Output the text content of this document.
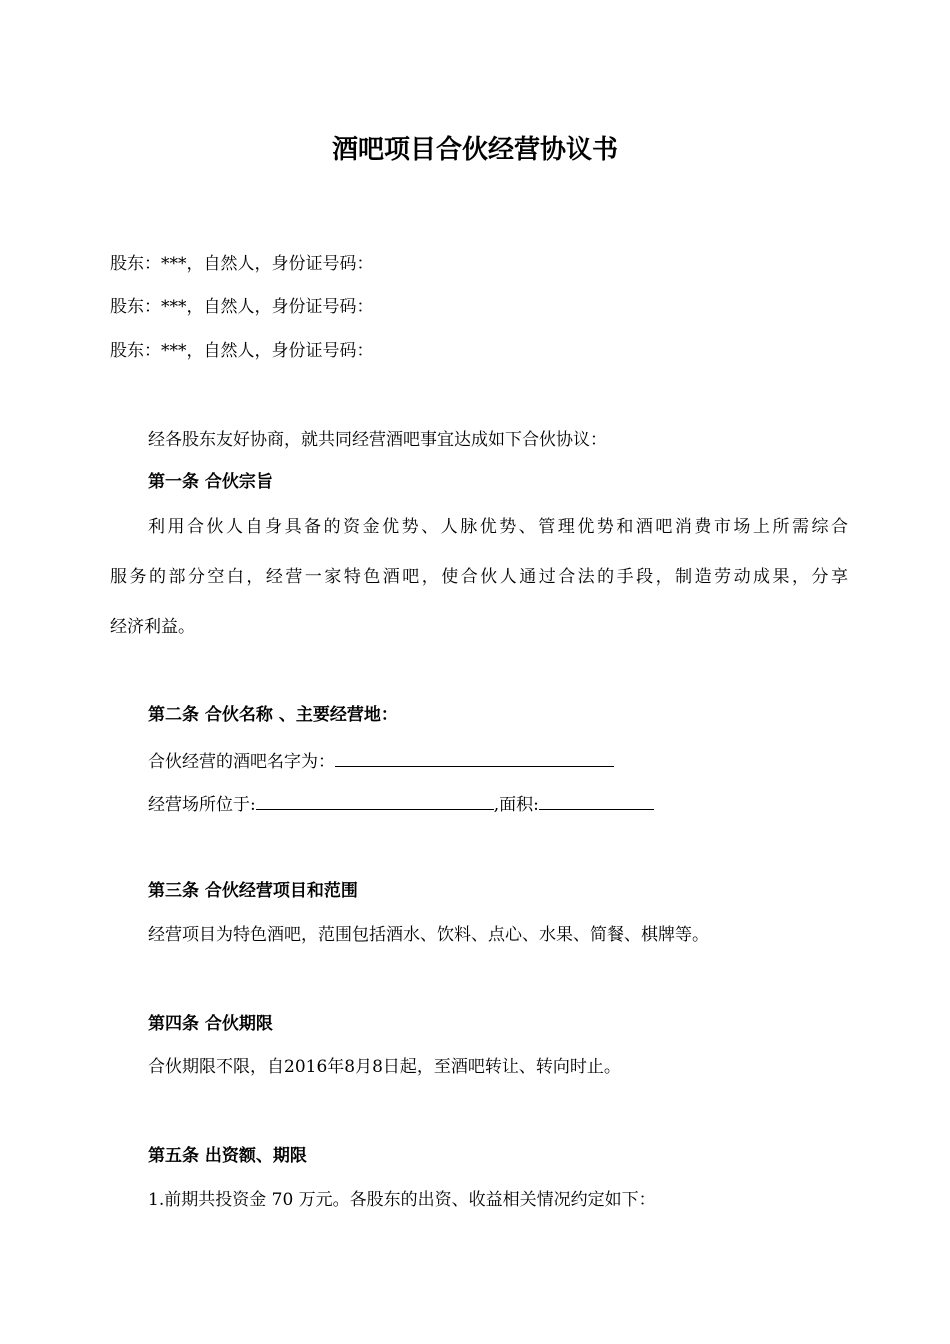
酒吧项目合伙经营协议书
股东：***，自然人，身份证号码：
股东：***，自然人，身份证号码：
股东：***，自然人，身份证号码：
经各股东友好协商，就共同经营酒吧事宜达成如下合伙协议：
第一条 合伙宗旨
利用合伙人自身具备的资金优势、人脉优势、管理优势和酒吧消费市场上所需综合
服务的部分空白，经营一家特色酒吧，使合伙人通过合法的手段，制造劳动成果，分享
经济利益。
第二条 合伙名称 、主要经营地：
合伙经营的酒吧名字为：
经营场所位于:	,面积:
第三条 合伙经营项目和范围
经营项目为特色酒吧，范围包括酒水、饮料、点心、水果、简餐、棋牌等。
第四条 合伙期限
合伙期限不限，自2016年8月8日起，至酒吧转让、转向时止。
第五条 出资额、期限
1.前期共投资金 70 万元。各股东的出资、收益相关情况约定如下：
